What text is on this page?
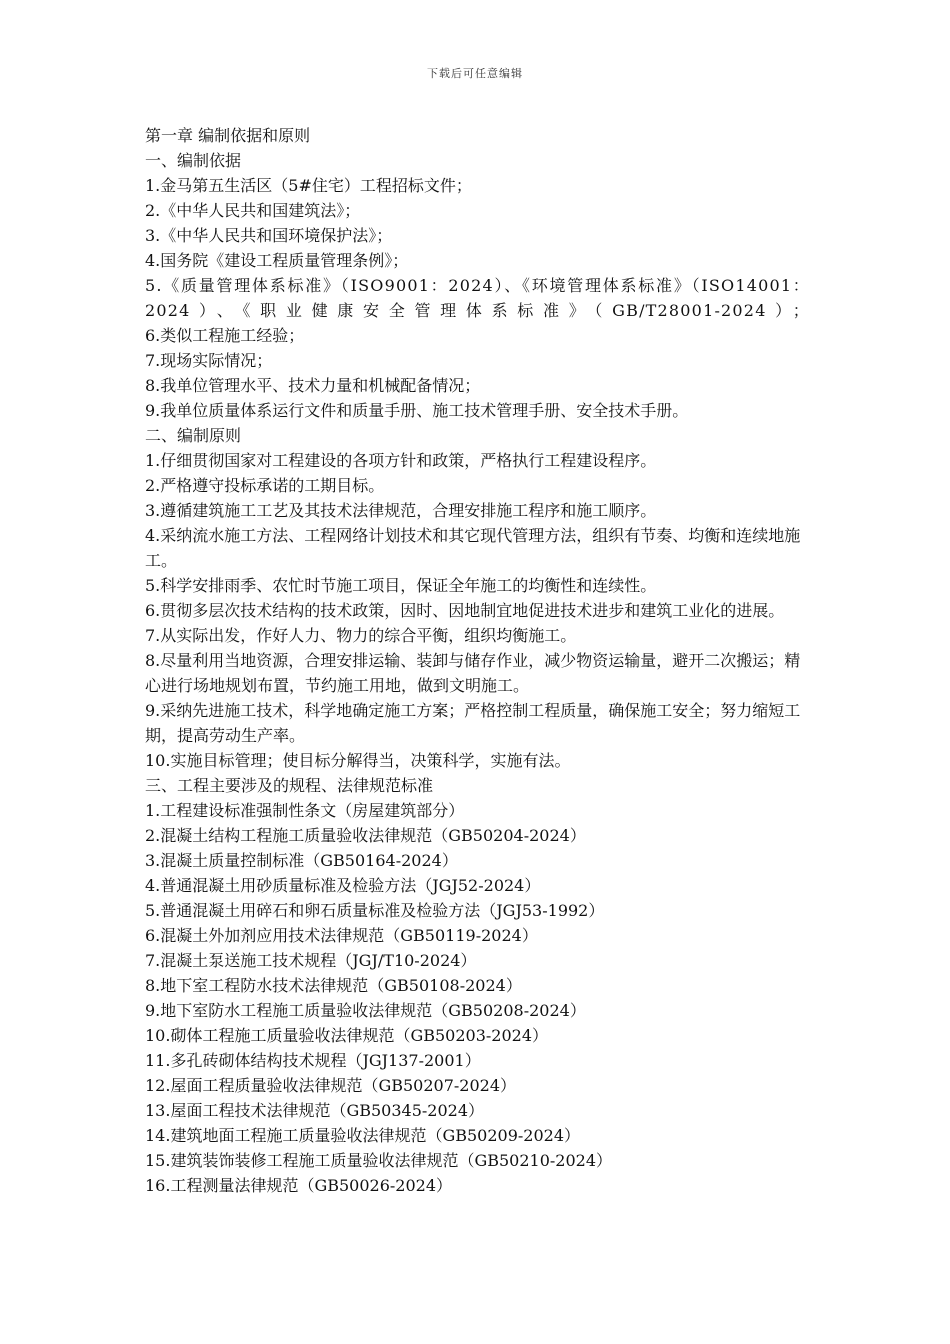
下载后可任意编辑
第一章 编制依据和原则
一、编制依据
1.金马第五生活区（5#住宅）工程招标文件；
2.《中华人民共和国建筑法》；
3.《中华人民共和国环境保护法》；
4.国务院《建设工程质量管理条例》；
5.《质量管理体系标准》（ISO9001：2024）、《环境管理体系标准》（ISO14001：2024）、《职业健康安全管理体系标准》（GB/T28001-2024）；
6.类似工程施工经验；
7.现场实际情况；
8.我单位管理水平、技术力量和机械配备情况；
9.我单位质量体系运行文件和质量手册、施工技术管理手册、安全技术手册。
二、编制原则
1.仔细贯彻国家对工程建设的各项方针和政策，严格执行工程建设程序。
2.严格遵守投标承诺的工期目标。
3.遵循建筑施工工艺及其技术法律规范，合理安排施工程序和施工顺序。
4.采纳流水施工方法、工程网络计划技术和其它现代管理方法，组织有节奏、均衡和连续地施工。
5.科学安排雨季、农忙时节施工项目，保证全年施工的均衡性和连续性。
6.贯彻多层次技术结构的技术政策，因时、因地制宜地促进技术进步和建筑工业化的进展。
7.从实际出发，作好人力、物力的综合平衡，组织均衡施工。
8.尽量利用当地资源，合理安排运输、装卸与储存作业，减少物资运输量，避开二次搬运；精心进行场地规划布置，节约施工用地，做到文明施工。
9.采纳先进施工技术，科学地确定施工方案；严格控制工程质量，确保施工安全；努力缩短工期，提高劳动生产率。
10.实施目标管理；使目标分解得当，决策科学，实施有法。
三、工程主要涉及的规程、法律规范标准
1.工程建设标准强制性条文（房屋建筑部分）
2.混凝土结构工程施工质量验收法律规范（GB50204-2024）
3.混凝土质量控制标准（GB50164-2024）
4.普通混凝土用砂质量标准及检验方法（JGJ52-2024）
5.普通混凝土用碎石和卵石质量标准及检验方法（JGJ53-1992）
6.混凝土外加剂应用技术法律规范（GB50119-2024）
7.混凝土泵送施工技术规程（JGJ/T10-2024）
8.地下室工程防水技术法律规范（GB50108-2024）
9.地下室防水工程施工质量验收法律规范（GB50208-2024）
10.砌体工程施工质量验收法律规范（GB50203-2024）
11.多孔砖砌体结构技术规程（JGJ137-2001）
12.屋面工程质量验收法律规范（GB50207-2024）
13.屋面工程技术法律规范（GB50345-2024）
14.建筑地面工程施工质量验收法律规范（GB50209-2024）
15.建筑装饰装修工程施工质量验收法律规范（GB50210-2024）
16.工程测量法律规范（GB50026-2024）
